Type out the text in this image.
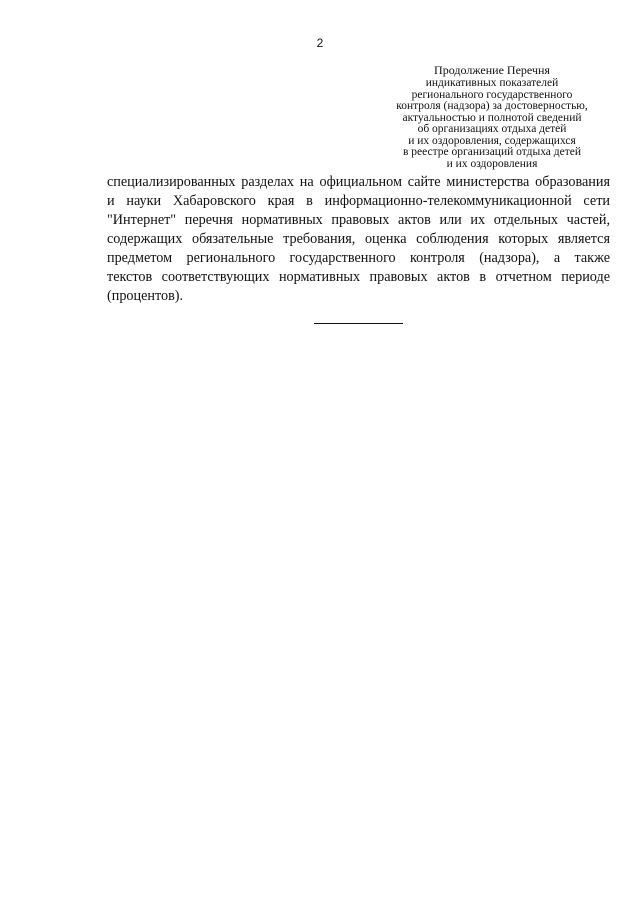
2
Продолжение Перечня
индикативных показателей
регионального государственного
контроля (надзора) за достоверностью,
актуальностью и полнотой сведений
об организациях отдыха детей
и их оздоровления, содержащихся
в реестре организаций отдыха детей
и их оздоровления
специализированных разделах на официальном сайте министерства образования
и науки Хабаровского края в информационно-телекоммуникационной сети
"Интернет" перечня нормативных правовых актов или их отдельных частей,
содержащих обязательные требования, оценка соблюдения которых является
предметом регионального государственного контроля (надзора), а также
текстов соответствующих нормативных правовых актов в отчетном периоде
(процентов).
